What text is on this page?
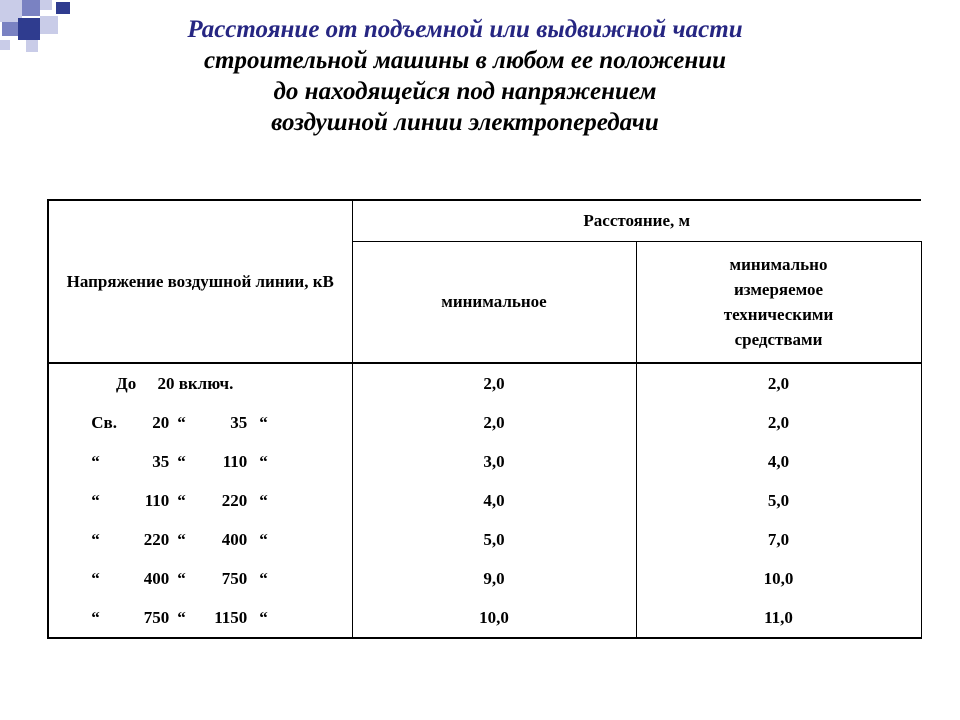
Расстояние от подъемной или выдвижной части
строительной машины в любом ее положении
до находящейся под напряжением
воздушной линии электропередачи
Напряжение воздушной линии, кВ	Расстояние, м	
	минимальное	минимально
измеряемое
техническими
средствами

До 20 включ.	2,0	2,0

Св. 20 “ 35 “	2,0	2,0

“ 35 “ 110 “	3,0	4,0

“ 110 “ 220 “	4,0	5,0

“ 220 “ 400 “	5,0	7,0

“ 400 “ 750 “	9,0	10,0

“ 750 “ 1150 “	10,0	11,0
